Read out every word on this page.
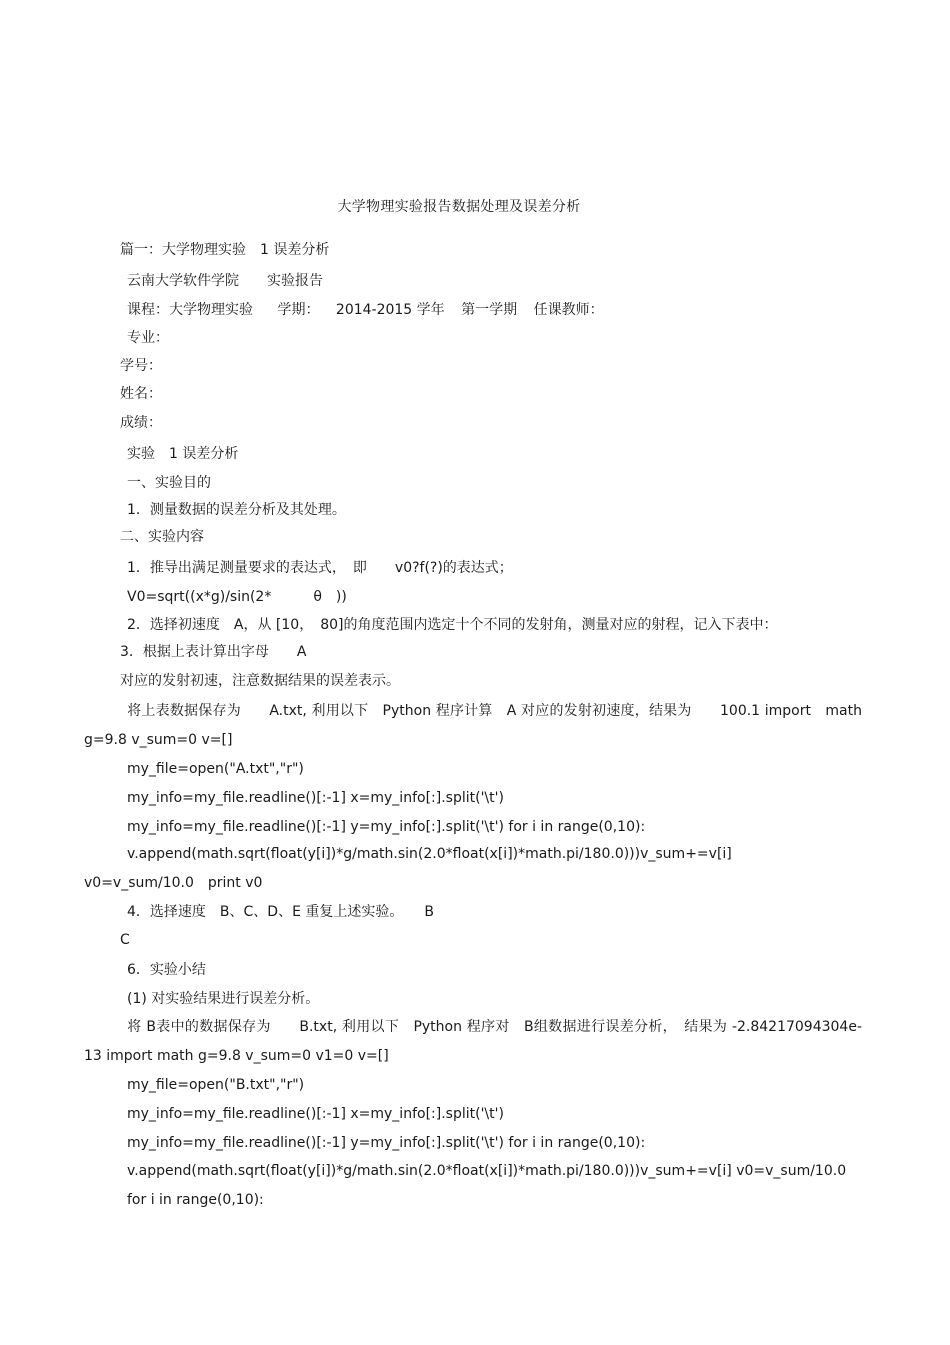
大学物理实验报告数据处理及误差分析
篇一：大学物理实验　1 误差分析
云南大学软件学院　　实验报告
课程：大学物理实验 学期： 2014-2015 学年 第一学期 任课教师：
专业：
学号：
姓名：
成绩：
实验　1 误差分析
一、实验目的
1．测量数据的误差分析及其处理。
二、实验内容
1．推导出满足测量要求的表达式，　即　　v0?f(?)的表达式；
V0=sqrt((x*g)/sin(2*　　　θ　))
2．选择初速度　A，从 [10，　80]的角度范围内选定十个不同的发射角，测量对应的射程，记入下表中：
3．根据上表计算出字母　　A
对应的发射初速，注意数据结果的误差表示。
将上表数据保存为　　A.txt, 利用以下　Python 程序计算　A 对应的发射初速度，结果为　　100.1 import　math g=9.8 v_sum=0 v=[]
my_file=open("A.txt","r")
my_info=my_file.readline()[:-1] x=my_info[:].split('\t')
my_info=my_file.readline()[:-1] y=my_info[:].split('\t') for i in range(0,10):
v.append(math.sqrt(float(y[i])*g/math.sin(2.0*float(x[i])*math.pi/180.0)))v_sum+=v[i]　　　v0=v_sum/10.0　print v0
4．选择速度　B、C、D、E 重复上述实验。　　B
C
6．实验小结
(1) 对实验结果进行误差分析。
将 B表中的数据保存为　　B.txt, 利用以下　Python 程序对　B组数据进行误差分析，　结果为 -2.84217094304e-13 import math g=9.8 v_sum=0 v1=0 v=[]
my_file=open("B.txt","r")
my_info=my_file.readline()[:-1] x=my_info[:].split('\t')
my_info=my_file.readline()[:-1] y=my_info[:].split('\t') for i in range(0,10):
v.append(math.sqrt(float(y[i])*g/math.sin(2.0*float(x[i])*math.pi/180.0)))v_sum+=v[i] v0=v_sum/10.0
for i in range(0,10):
